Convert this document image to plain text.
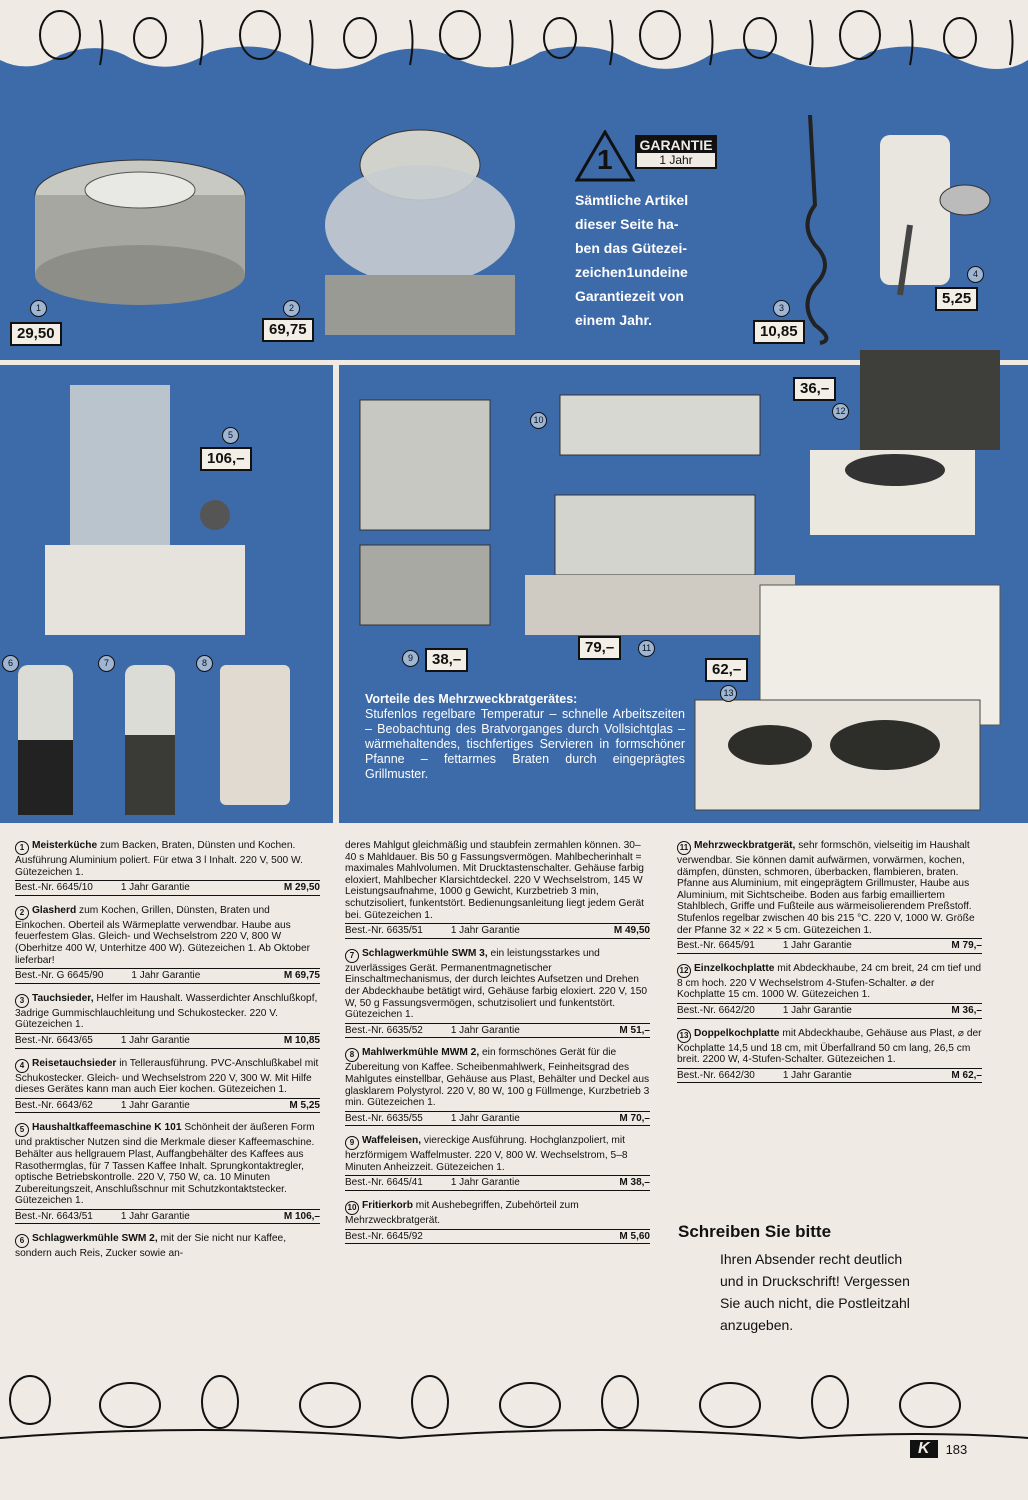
1	2	3
4
5
6	7	8	9
10
11
12
13
29,50	69,75	10,85
5,25
106,–
38,–
79,–
36,–
62,–
1 GARANTIE
1 Jahr
Sämtliche Artikel
dieser Seite ha-
ben das Gütezei-
zeichen1undeine
Garantiezeit von
einem Jahr.
Vorteile des Mehrzweckbratgerätes:
Stufenlos regelbare Temperatur – schnelle Arbeitszeiten – Beobachtung des Bratvorganges durch Vollsichtglas – wärmehaltendes, tischfertiges Servieren in formschöner Pfanne – fettarmes Braten durch eingeprägtes Grillmuster.

1 Meisterküche zum Backen, Braten, Dünsten und Kochen. Ausführung Aluminium poliert. Für etwa 3 l Inhalt. 220 V, 500 W. Gütezeichen 1.

Best.-Nr. 6645/10	1 Jahr Garantie	M 29,50

2 Glasherd zum Kochen, Grillen, Dünsten, Braten und Einkochen. Oberteil als Wärmeplatte verwendbar. Haube aus feuerfestem Glas. Gleich- und Wechselstrom 220 V, 800 W (Oberhitze 400 W, Unterhitze 400 W). Gütezeichen 1. Ab Oktober lieferbar!

Best.-Nr. G 6645/90	1 Jahr Garantie	M 69,75

3 Tauchsieder, Helfer im Haushalt. Wasserdichter Anschlußkopf, 3adrige Gummischlauchleitung und Schukostecker. 220 V. Gütezeichen 1.

Best.-Nr. 6643/65	1 Jahr Garantie	M 10,85

4 Reisetauchsieder in Tellerausführung. PVC-Anschlußkabel mit Schukostecker. Gleich- und Wechselstrom 220 V, 300 W. Mit Hilfe dieses Gerätes kann man auch Eier kochen. Gütezeichen 1.

Best.-Nr. 6643/62	1 Jahr Garantie	M 5,25

5 Haushaltkaffeemaschine K 101 Schönheit der äußeren Form und praktischer Nutzen sind die Merkmale dieser Kaffeemaschine. Behälter aus hellgrauem Plast, Auffangbehälter des Kaffees aus Rasothermglas, für 7 Tassen Kaffee Inhalt. Sprungkontaktregler, optische Betriebskontrolle. 220 V, 750 W, ca. 10 Minuten Zubereitungszeit, Anschlußschnur mit Schutzkontaktstecker. Gütezeichen 1.

Best.-Nr. 6643/51	1 Jahr Garantie	M 106,–

6 Schlagwerkmühle SWM 2, mit der Sie nicht nur Kaffee, sondern auch Reis, Zucker sowie an-

deres Mahlgut gleichmäßig und staubfein zermahlen können. 30–40 s Mahldauer. Bis 50 g Fassungsvermögen. Mahlbecherinhalt = maximales Mahlvolumen. Mit Drucktastenschalter. Gehäuse farbig eloxiert, Mahlbecher Klarsichtdeckel. 220 V Wechselstrom, 145 W Leistungsaufnahme, 1000 g Gewicht, Kurzbetrieb 3 min, schutzisoliert, funkentstört. Bedienungsanleitung liegt jedem Gerät bei. Gütezeichen 1.

Best.-Nr. 6635/51	1 Jahr Garantie	M 49,50

7 Schlagwerkmühle SWM 3, ein leistungsstarkes und zuverlässiges Gerät. Permanentmagnetischer Einschaltmechanismus, der durch leichtes Aufsetzen und Drehen der Abdeckhaube betätigt wird, Gehäuse farbig eloxiert. 220 V, 150 W, 50 g Fassungsvermögen, schutzisoliert und funkentstört. Gütezeichen 1.

Best.-Nr. 6635/52	1 Jahr Garantie	M 51,–

8 Mahlwerkmühle MWM 2, ein formschönes Gerät für die Zubereitung von Kaffee. Scheibenmahlwerk, Feinheitsgrad des Mahlgutes einstellbar, Gehäuse aus Plast, Behälter und Deckel aus glasklarem Polystyrol. 220 V, 80 W, 100 g Füllmenge, Kurzbetrieb 3 min. Gütezeichen 1.

Best.-Nr. 6635/55	1 Jahr Garantie	M 70,–

9 Waffeleisen, viereckige Ausführung. Hochglanzpoliert, mit herzförmigem Waffelmuster. 220 V, 800 W. Wechselstrom, 5–8 Minuten Anheizzeit. Gütezeichen 1.

Best.-Nr. 6645/41	1 Jahr Garantie	M 38,–

10 Fritierkorb mit Aushebegriffen, Zubehörteil zum Mehrzweckbratgerät.

Best.-Nr. 6645/92	M 5,60

11 Mehrzweckbratgerät, sehr formschön, vielseitig im Haushalt verwendbar. Sie können damit aufwärmen, vorwärmen, kochen, dämpfen, dünsten, schmoren, überbacken, flambieren, braten. Pfanne aus Aluminium, mit eingeprägtem Grillmuster, Haube aus Aluminium, mit Sichtscheibe. Boden aus farbig emailliertem Stahlblech, Griffe und Fußteile aus wärmeisolierendem Preßstoff. Stufenlos regelbar zwischen 40 bis 215 °C. 220 V, 1000 W. Größe der Pfanne 32 × 22 × 5 cm. Gütezeichen 1.

Best.-Nr. 6645/91	1 Jahr Garantie	M 79,–

12 Einzelkochplatte mit Abdeckhaube, 24 cm breit, 24 cm tief und 8 cm hoch. 220 V Wechselstrom 4-Stufen-Schalter. ⌀ der Kochplatte 15 cm. 1000 W. Gütezeichen 1.

Best.-Nr. 6642/20	1 Jahr Garantie	M 36,–

13 Doppelkochplatte mit Abdeckhaube, Gehäuse aus Plast, ⌀ der Kochplatte 14,5 und 18 cm, mit Überfallrand 50 cm lang, 26,5 cm breit. 2200 W, 4-Stufen-Schalter. Gütezeichen 1.

Best.-Nr. 6642/30	1 Jahr Garantie	M 62,–
Schreiben Sie bitte
Ihren Absender recht deutlich
und in Druckschrift! Vergessen
Sie auch nicht, die Postleitzahl
anzugeben.
K	183
